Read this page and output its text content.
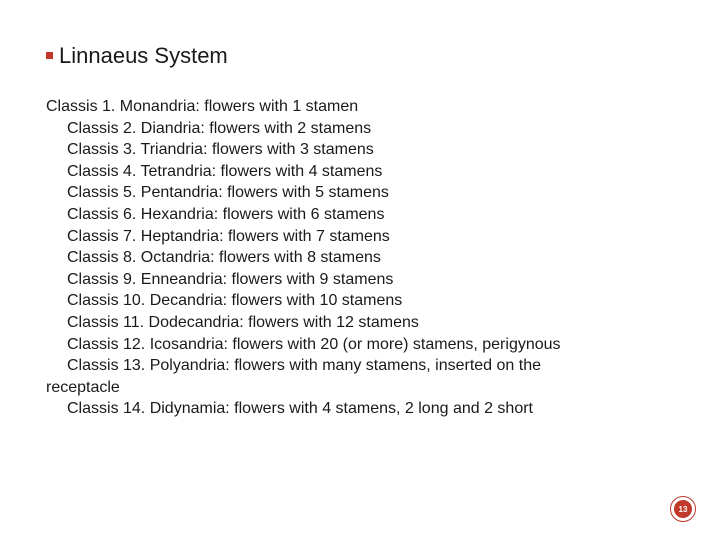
Linnaeus System
Classis 1. Monandria: flowers with 1 stamen
Classis 2. Diandria: flowers with 2 stamens
Classis 3. Triandria: flowers with 3 stamens
Classis 4. Tetrandria: flowers with 4 stamens
Classis 5. Pentandria: flowers with 5 stamens
Classis 6. Hexandria: flowers with 6 stamens
Classis 7. Heptandria: flowers with 7 stamens
Classis 8. Octandria: flowers with 8 stamens
Classis 9. Enneandria: flowers with 9 stamens
Classis 10. Decandria: flowers with 10 stamens
Classis 11. Dodecandria: flowers with 12 stamens
Classis 12. Icosandria: flowers with 20 (or more) stamens, perigynous
Classis 13. Polyandria: flowers with many stamens, inserted on the
receptacle
Classis 14. Didynamia: flowers with 4 stamens, 2 long and 2 short
13
